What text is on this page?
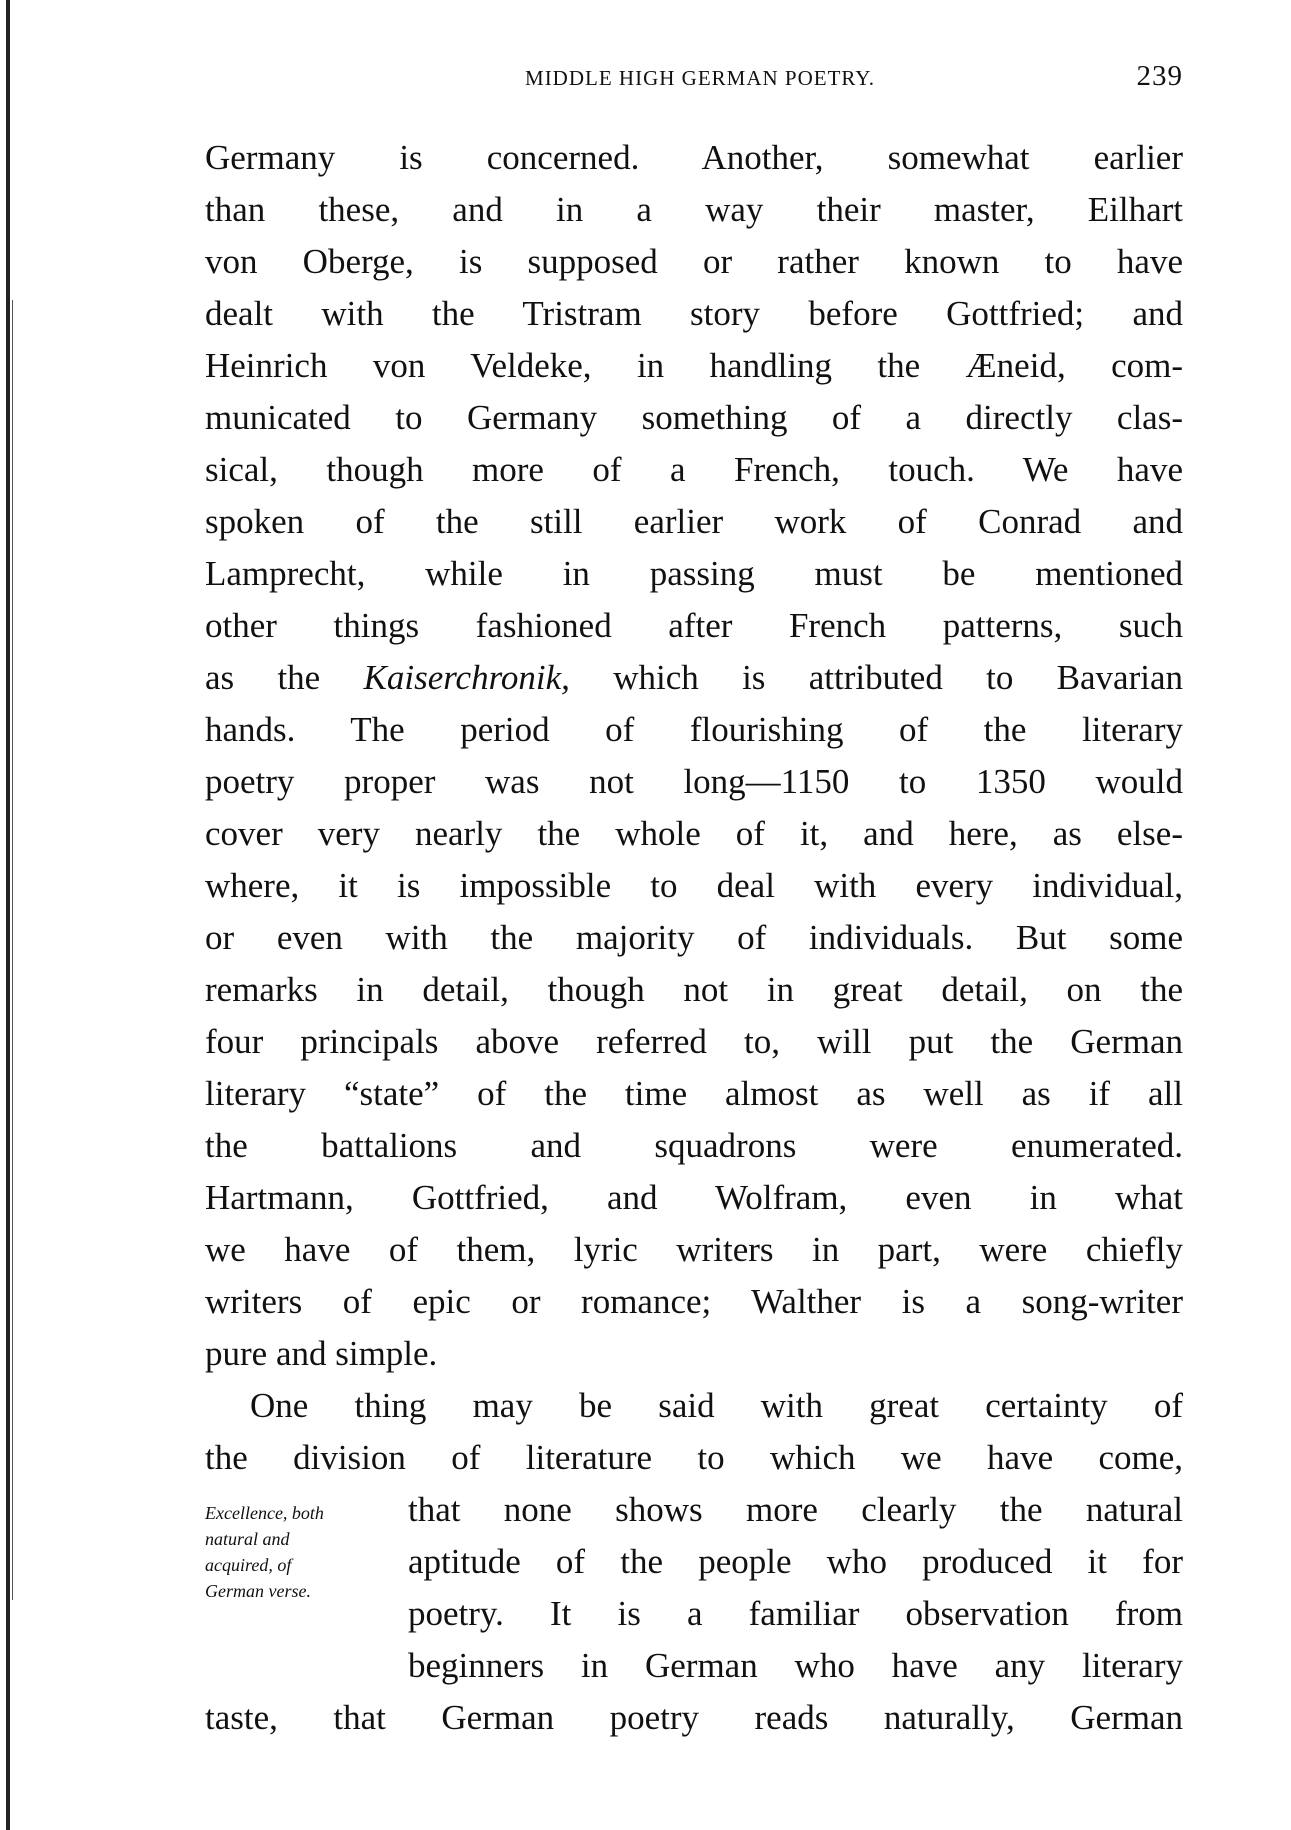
MIDDLE HIGH GERMAN POETRY.	239
Germany is concerned. Another, somewhat earlier
than these, and in a way their master, Eilhart
von Oberge, is supposed or rather known to have
dealt with the Tristram story before Gottfried; and
Heinrich von Veldeke, in handling the Æneid, com-
municated to Germany something of a directly clas-
sical, though more of a French, touch. We have
spoken of the still earlier work of Conrad and
Lamprecht, while in passing must be mentioned
other things fashioned after French patterns, such
as the Kaiserchronik, which is attributed to Bavarian
hands. The period of flourishing of the literary
poetry proper was not long—1150 to 1350 would
cover very nearly the whole of it, and here, as else-
where, it is impossible to deal with every individual,
or even with the majority of individuals. But some
remarks in detail, though not in great detail, on the
four principals above referred to, will put the German
literary “state” of the time almost as well as if all
the battalions and squadrons were enumerated.
Hartmann, Gottfried, and Wolfram, even in what
we have of them, lyric writers in part, were chiefly
writers of epic or romance; Walther is a song-writer
pure and simple.
One thing may be said with great certainty of
the division of literature to which we have come,
that none shows more clearly the natural
aptitude of the people who produced it for
poetry. It is a familiar observation from
beginners in German who have any literary
taste, that German poetry reads naturally, German
Excellence, both
natural and
acquired, of
German verse.
